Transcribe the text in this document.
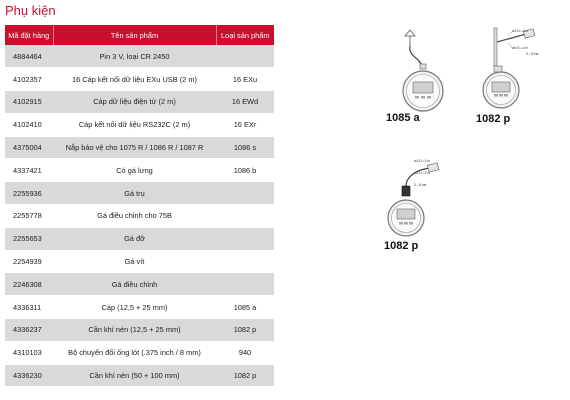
Phụ kiện
Mã đặt hàng	Tên sản phẩm	Loại sản phẩm
4884464	Pin 3 V, loại CR 2450	
4102357	16 Cáp kết nối dữ liệu EXu USB (2 m)	16 EXu
4102915	Cáp dữ liệu điện tử (2 m)	16 EWd
4102410	Cáp kết nối dữ liệu RS232C (2 m)	16 EXr
4375004	Nắp bảo vệ cho 1075 R / 1086 R / 1087 R	1086 s
4337421	Có gá lưng	1086 b
2255936	Gá trụ	
2255778	Gá điều chỉnh cho 75B	
2255653	Gá đỡ	
2254939	Gá vít	
2246308	Gá điều chỉnh	
4336311	Cáp (12,5 + 25 mm)	1085 a
4336237	Cần khí nén (12,5 + 25 mm)	1082 p
4310103	Bộ chuyển đổi ống lót (.375 inch / 8 mm)	940
4336230	Cần khí nén (50 + 100 mm)	1082 p
1085 a
ø4,5 L=2 m
ø6,9 L=2 m
3 – 8 bar
1082 p
ø4,5 L=2 m
ø6,9 L=2 m
3 – 8 bar
1082 p
